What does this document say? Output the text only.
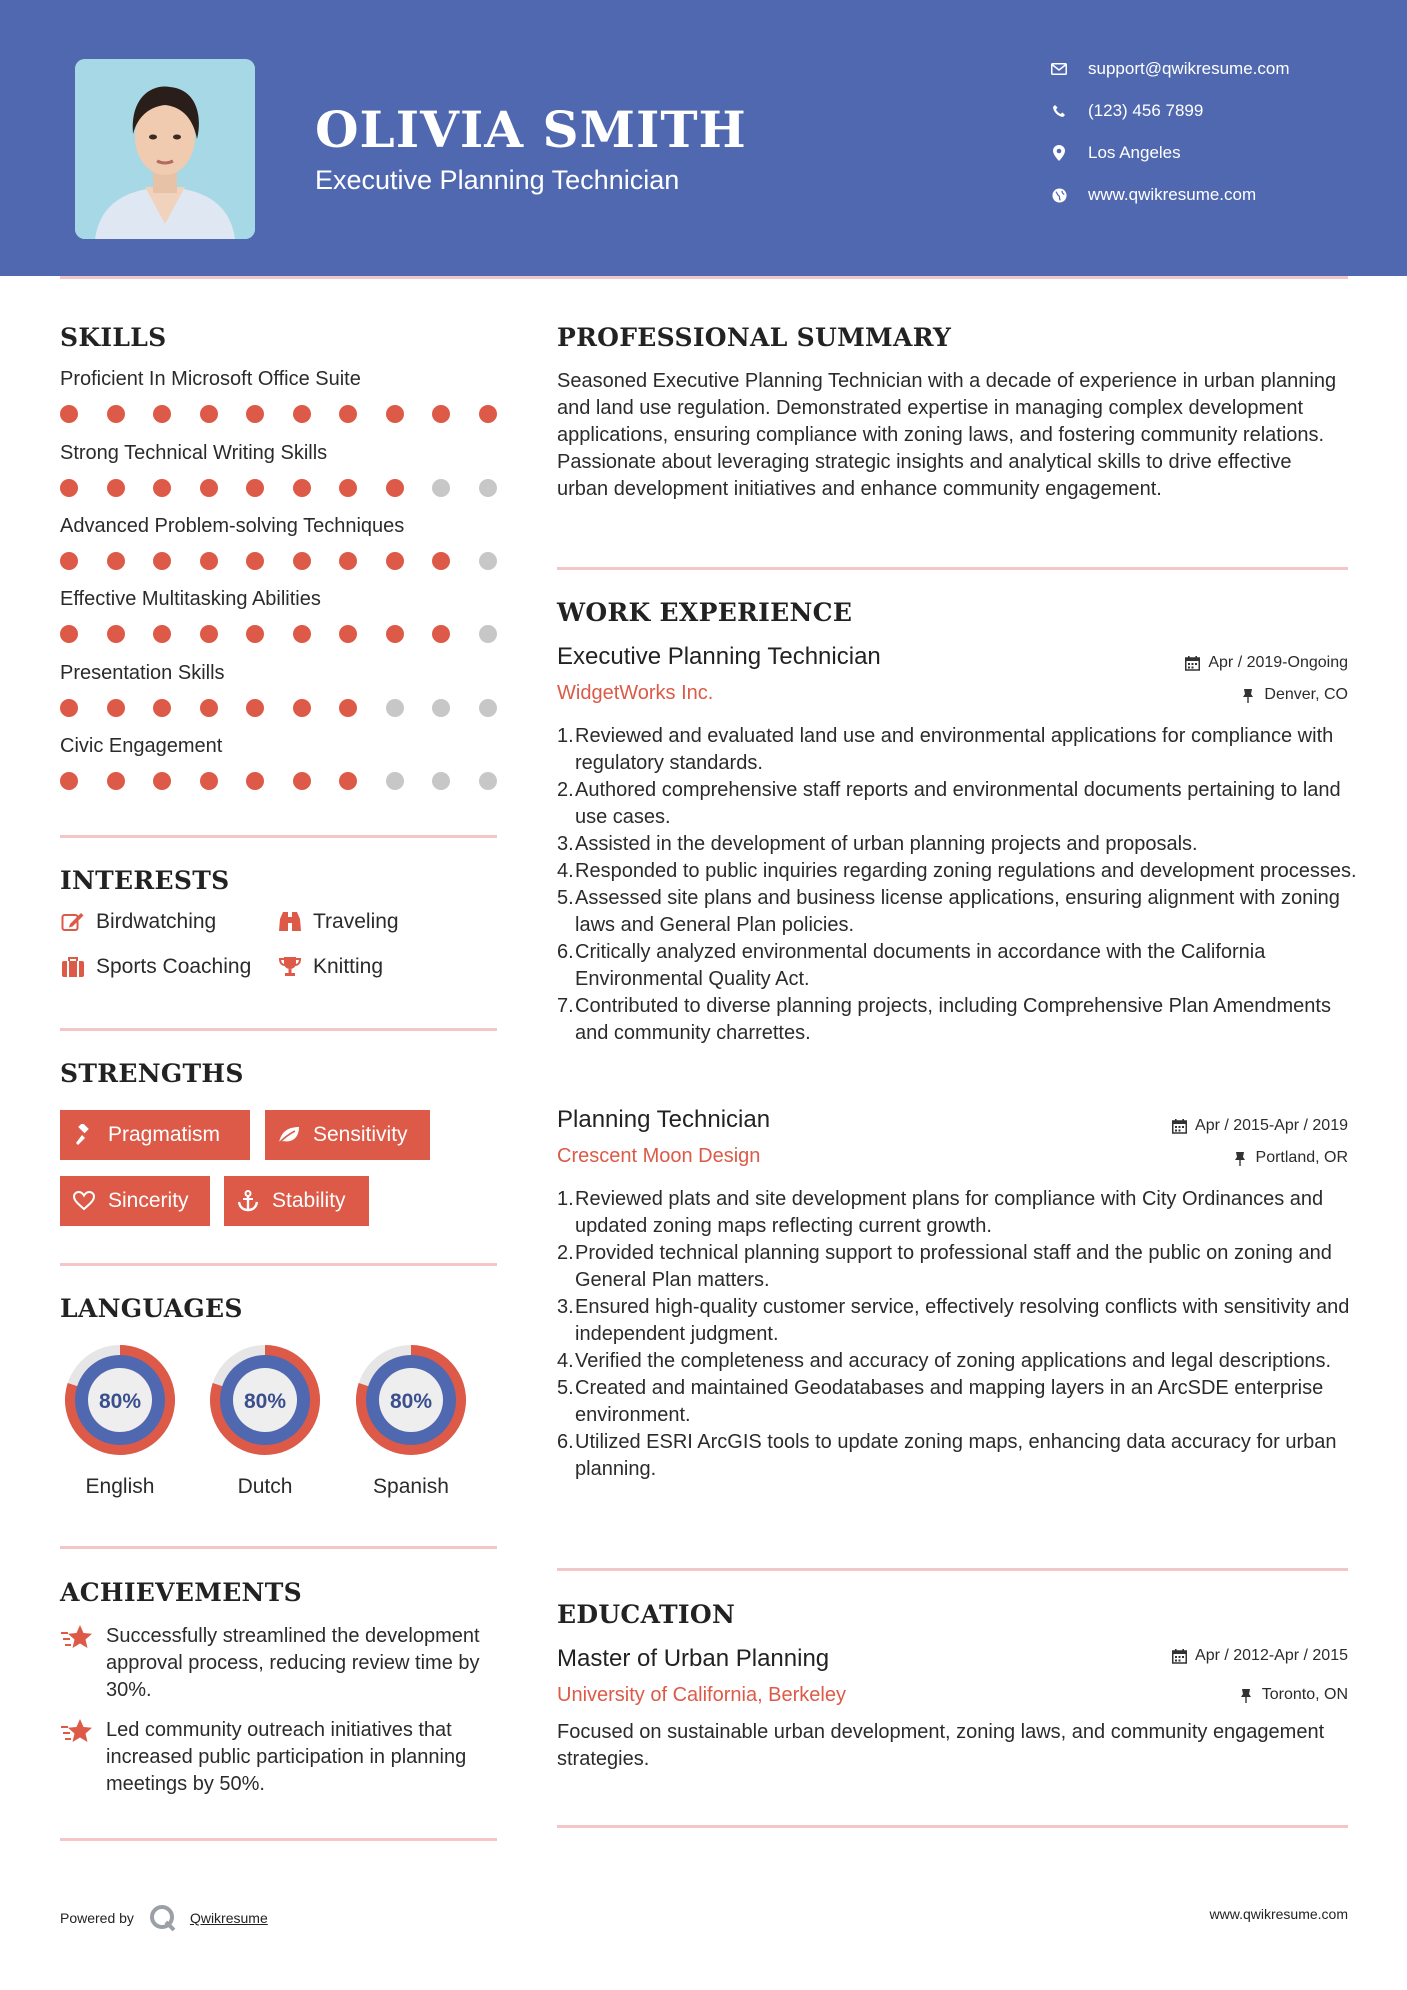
OLIVIA SMITH
Executive Planning Technician
support@qwikresume.com
(123) 456 7899
Los Angeles
www.qwikresume.com
SKILLS
Proficient In Microsoft Office Suite
Strong Technical Writing Skills
Advanced Problem-solving Techniques
Effective Multitasking Abilities
Presentation Skills
Civic Engagement
INTERESTS
Birdwatching	Traveling
Sports Coaching	Knitting
STRENGTHS
Pragmatism	Sensitivity
Sincerity	Stability
LANGUAGES
80%	80%	80%
English	Dutch	Spanish
ACHIEVEMENTS
Successfully streamlined the development approval process, reducing review time by 30%.
Led community outreach initiatives that increased public participation in planning meetings by 50%.
PROFESSIONAL SUMMARY
Seasoned Executive Planning Technician with a decade of experience in urban planning and land use regulation. Demonstrated expertise in managing complex development applications, ensuring compliance with zoning laws, and fostering community relations. Passionate about leveraging strategic insights and analytical skills to drive effective urban development initiatives and enhance community engagement.
WORK EXPERIENCE
Executive Planning Technician	Apr / 2019-Ongoing
WidgetWorks Inc.	Denver, CO
1. Reviewed and evaluated land use and environmental applications for compliance with regulatory standards.
2. Authored comprehensive staff reports and environmental documents pertaining to land use cases.
3. Assisted in the development of urban planning projects and proposals.
4. Responded to public inquiries regarding zoning regulations and development processes.
5. Assessed site plans and business license applications, ensuring alignment with zoning laws and General Plan policies.
6. Critically analyzed environmental documents in accordance with the California Environmental Quality Act.
7. Contributed to diverse planning projects, including Comprehensive Plan Amendments and community charrettes.
Planning Technician	Apr / 2015-Apr / 2019
Crescent Moon Design	Portland, OR
1. Reviewed plats and site development plans for compliance with City Ordinances and updated zoning maps reflecting current growth.
2. Provided technical planning support to professional staff and the public on zoning and General Plan matters.
3. Ensured high-quality customer service, effectively resolving conflicts with sensitivity and independent judgment.
4. Verified the completeness and accuracy of zoning applications and legal descriptions.
5. Created and maintained Geodatabases and mapping layers in an ArcSDE enterprise environment.
6. Utilized ESRI ArcGIS tools to update zoning maps, enhancing data accuracy for urban planning.
EDUCATION
Master of Urban Planning	Apr / 2012-Apr / 2015
University of California, Berkeley	Toronto, ON
Focused on sustainable urban development, zoning laws, and community engagement strategies.
Powered by	Qwikresume	www.qwikresume.com
